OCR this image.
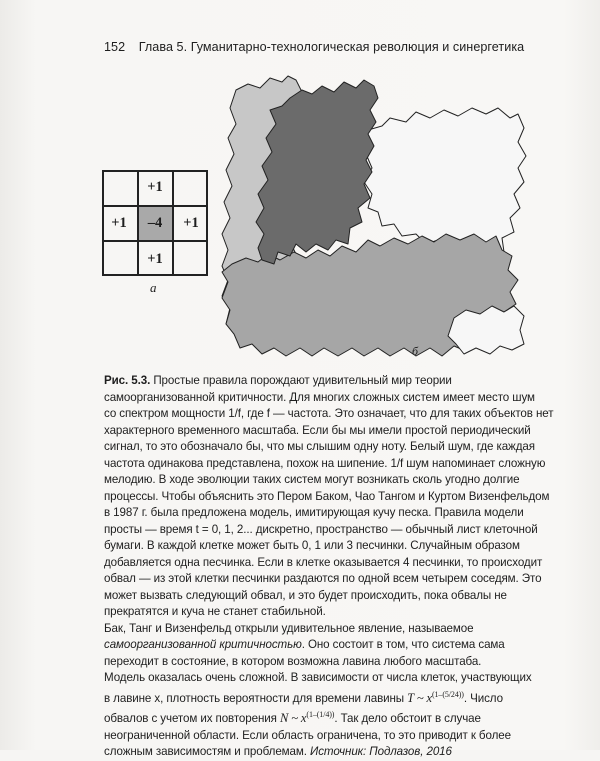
152 Глава 5. Гуманитарно-технологическая революция и синергетика
+1
+1	–4	+1
+1
а
б
Рис. 5.3. Простые правила порождают удивительный мир теории
самоорганизованной критичности. Для многих сложных систем имеет место шум
со спектром мощности 1/f, где f — частота. Это означает, что для таких объектов нет
характерного временного масштаба. Если бы мы имели простой периодический
сигнал, то это обозначало бы, что мы слышим одну ноту. Белый шум, где каждая
частота одинакова представлена, похож на шипение. 1/f шум напоминает сложную
мелодию. В ходе эволюции таких систем могут возникать сколь угодно долгие
процессы. Чтобы объяснить это Пером Баком, Чао Тангом и Куртом Визенфельдом
в 1987 г. была предложена модель, имитирующая кучу песка. Правила модели
просты — время t = 0, 1, 2... дискретно, пространство — обычный лист клеточной
бумаги. В каждой клетке может быть 0, 1 или 3 песчинки. Случайным образом
добавляется одна песчинка. Если в клетке оказывается 4 песчинки, то происходит
обвал — из этой клетки песчинки раздаются по одной всем четырем соседям. Это
может вызвать следующий обвал, и это будет происходить, пока обвалы не
прекратятся и куча не станет стабильной.
Бак, Танг и Визенфельд открыли удивительное явление, называемое
самоорганизованной критичностью. Оно состоит в том, что система сама
переходит в состояние, в котором возможна лавина любого масштаба.
Модель оказалась очень сложной. В зависимости от числа клеток, участвующих
в лавине x, плотность вероятности для времени лавины T ~ $x^{(1-(5/24))}$. Число
обвалов с учетом их повторения N ~ $x^{(1-(1/4))}$. Так дело обстоит в случае
неограниченной области. Если область ограничена, то это приводит к более
сложным зависимостям и проблемам. Источник: Подлазов, 2016
